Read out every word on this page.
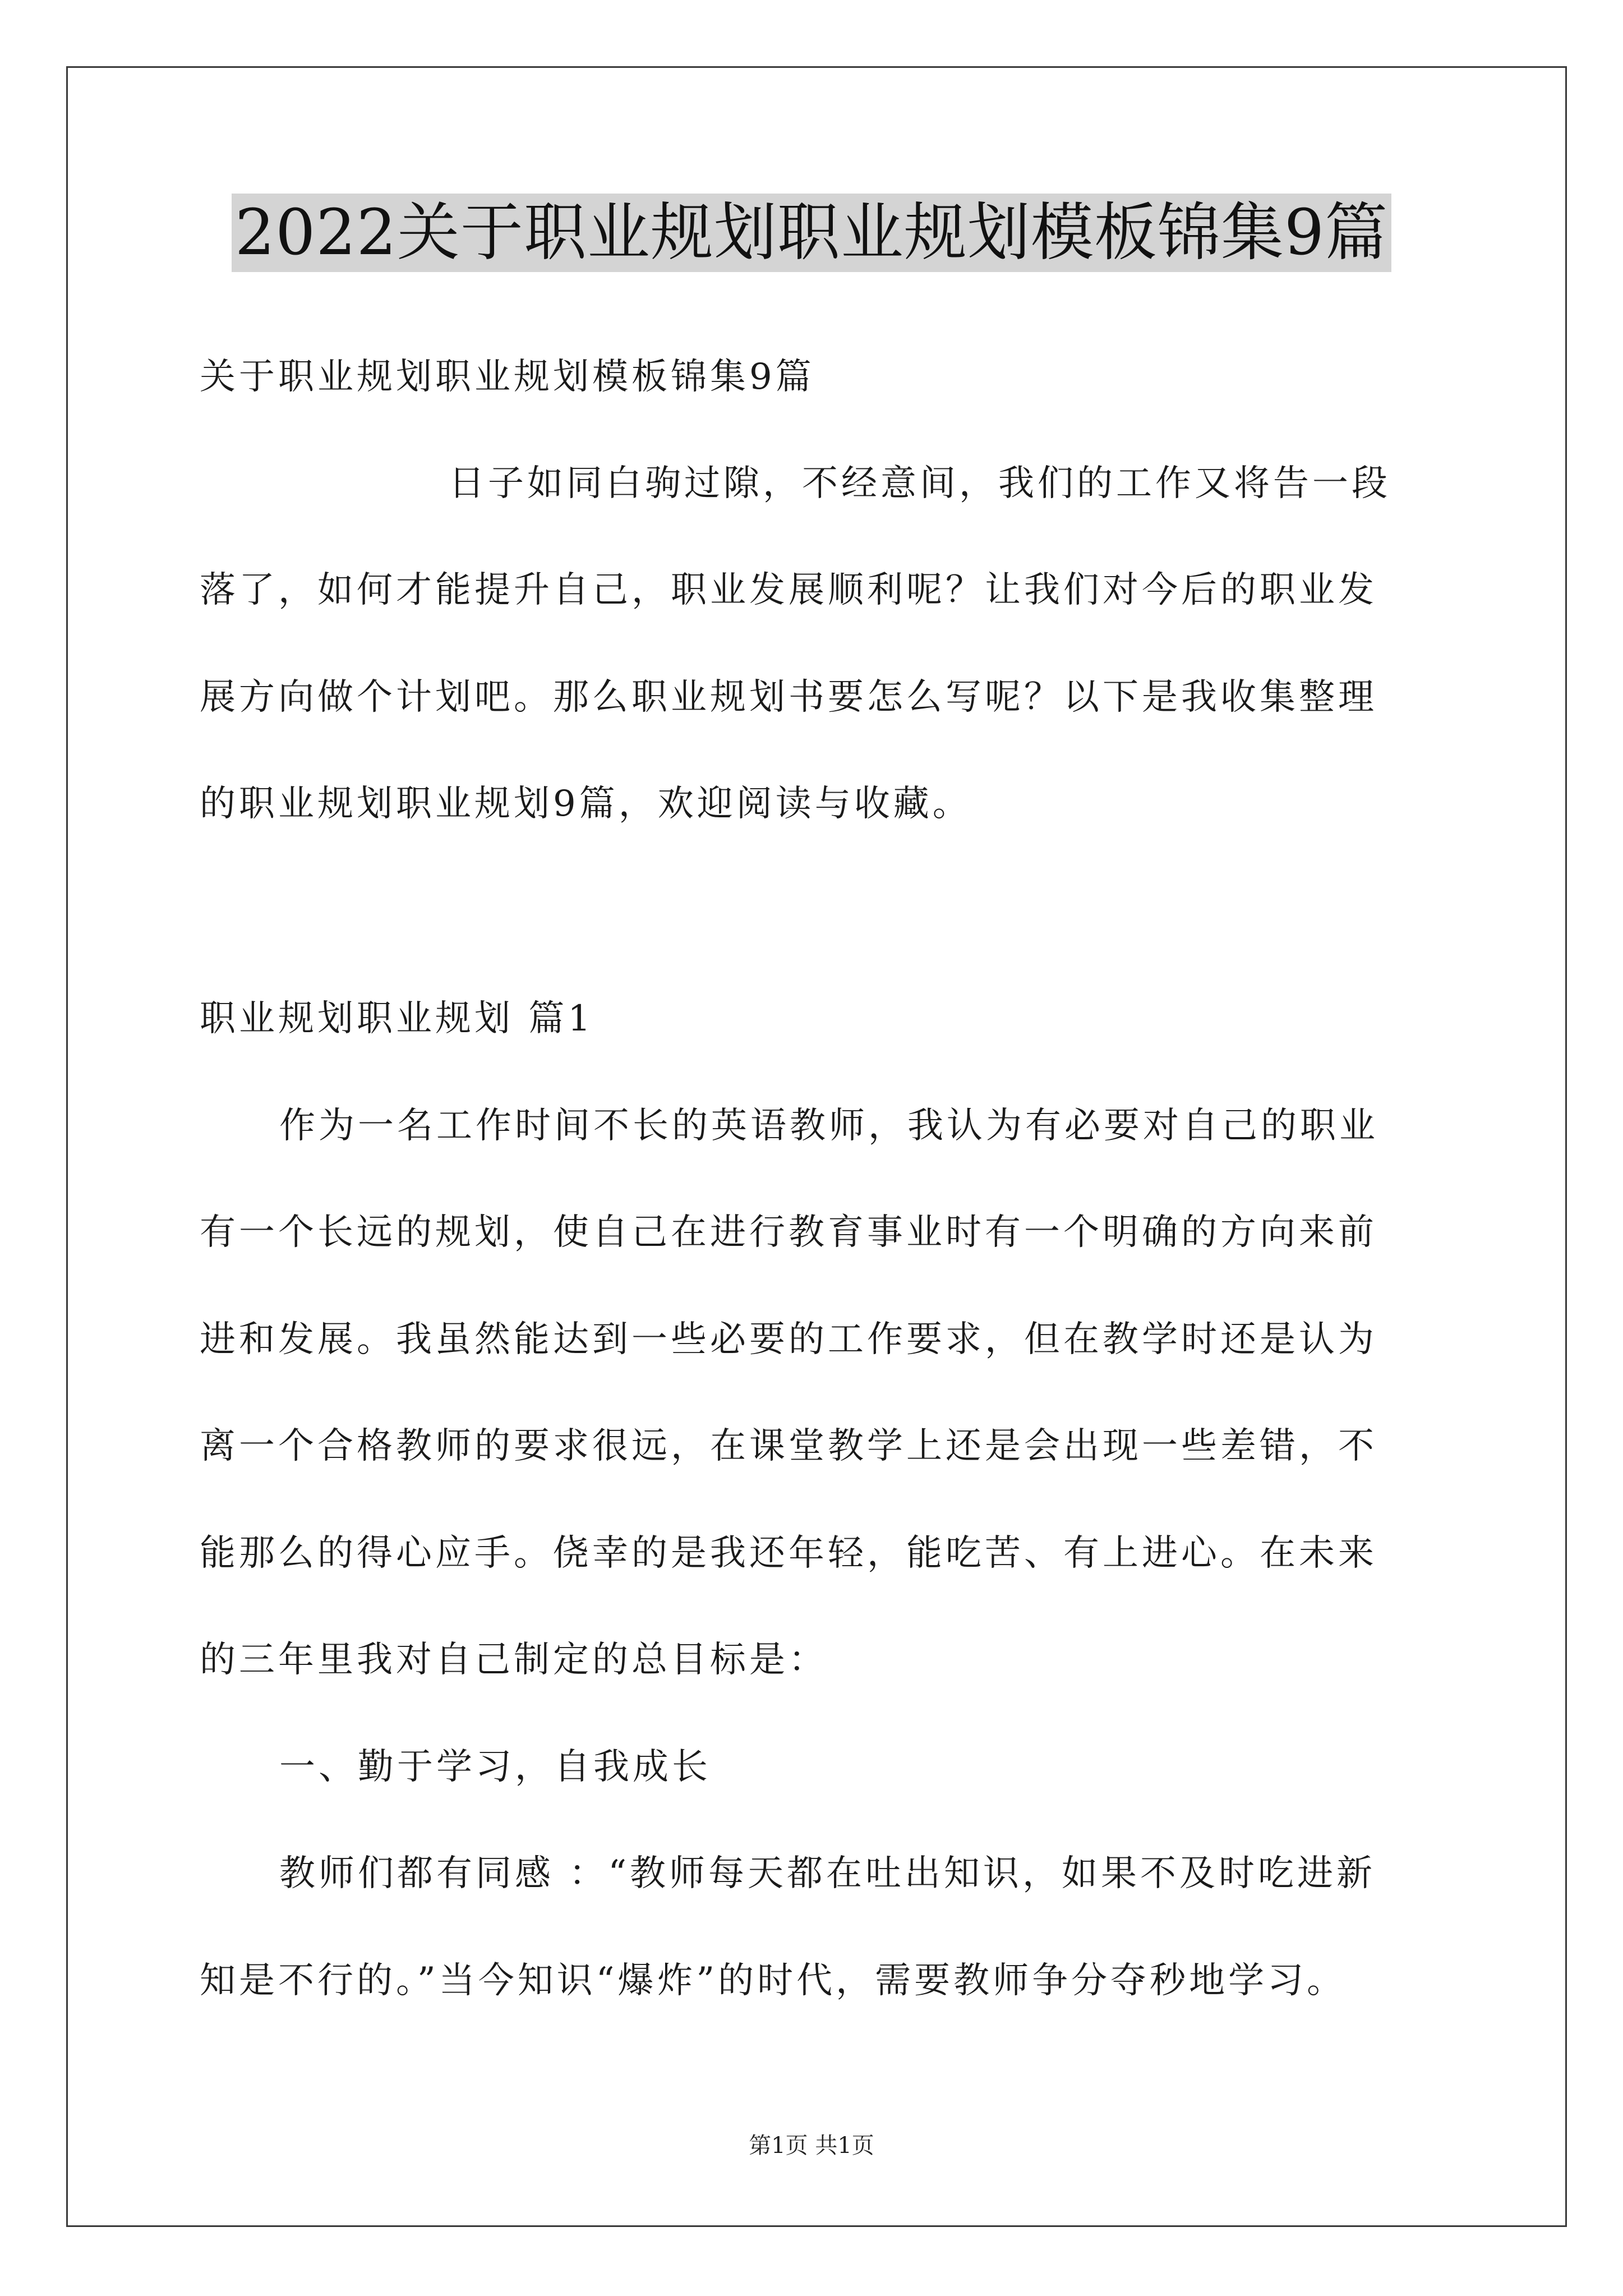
2022关于职业规划职业规划模板锦集9篇
关于职业规划职业规划模板锦集9篇
日子如同白驹过隙，不经意间，我们的工作又将告一段
落了，如何才能提升自己，职业发展顺利呢？让我们对今后的职业发
展方向做个计划吧。那么职业规划书要怎么写呢？以下是我收集整理
的职业规划职业规划9篇，欢迎阅读与收藏。
职业规划职业规划 篇1
作为一名工作时间不长的英语教师，我认为有必要对自己的职业
有一个长远的规划，使自己在进行教育事业时有一个明确的方向来前
进和发展。我虽然能达到一些必要的工作要求，但在教学时还是认为
离一个合格教师的要求很远，在课堂教学上还是会出现一些差错，不
能那么的得心应手。侥幸的是我还年轻，能吃苦、有上进心。在未来
的三年里我对自己制定的总目标是：
一、勤于学习，自我成长
教师们都有同感 ：“教师每天都在吐出知识，如果不及时吃进新
知是不行的。”当今知识“爆炸”的时代，需要教师争分夺秒地学习。
第1页 共1页
